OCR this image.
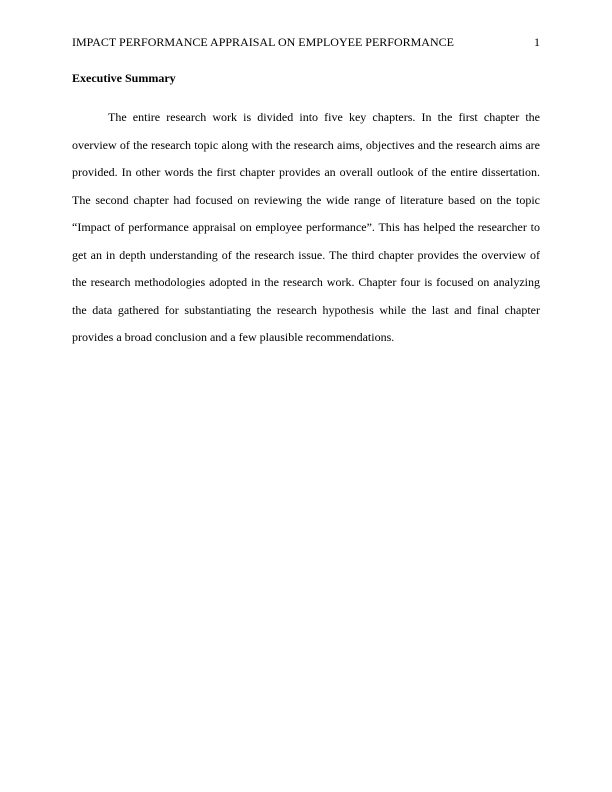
IMPACT PERFORMANCE APPRAISAL ON EMPLOYEE PERFORMANCE	1
Executive Summary

The entire research work is divided into five key chapters. In the first chapter the overview of the research topic along with the research aims, objectives and the research aims are provided. In other words the first chapter provides an overall outlook of the entire dissertation. The second chapter had focused on reviewing the wide range of literature based on the topic “Impact of performance appraisal on employee performance”. This has helped the researcher to get an in depth understanding of the research issue. The third chapter provides the overview of the research methodologies adopted in the research work. Chapter four is focused on analyzing the data gathered for substantiating the research hypothesis while the last and final chapter provides a broad conclusion and a few plausible recommendations.
